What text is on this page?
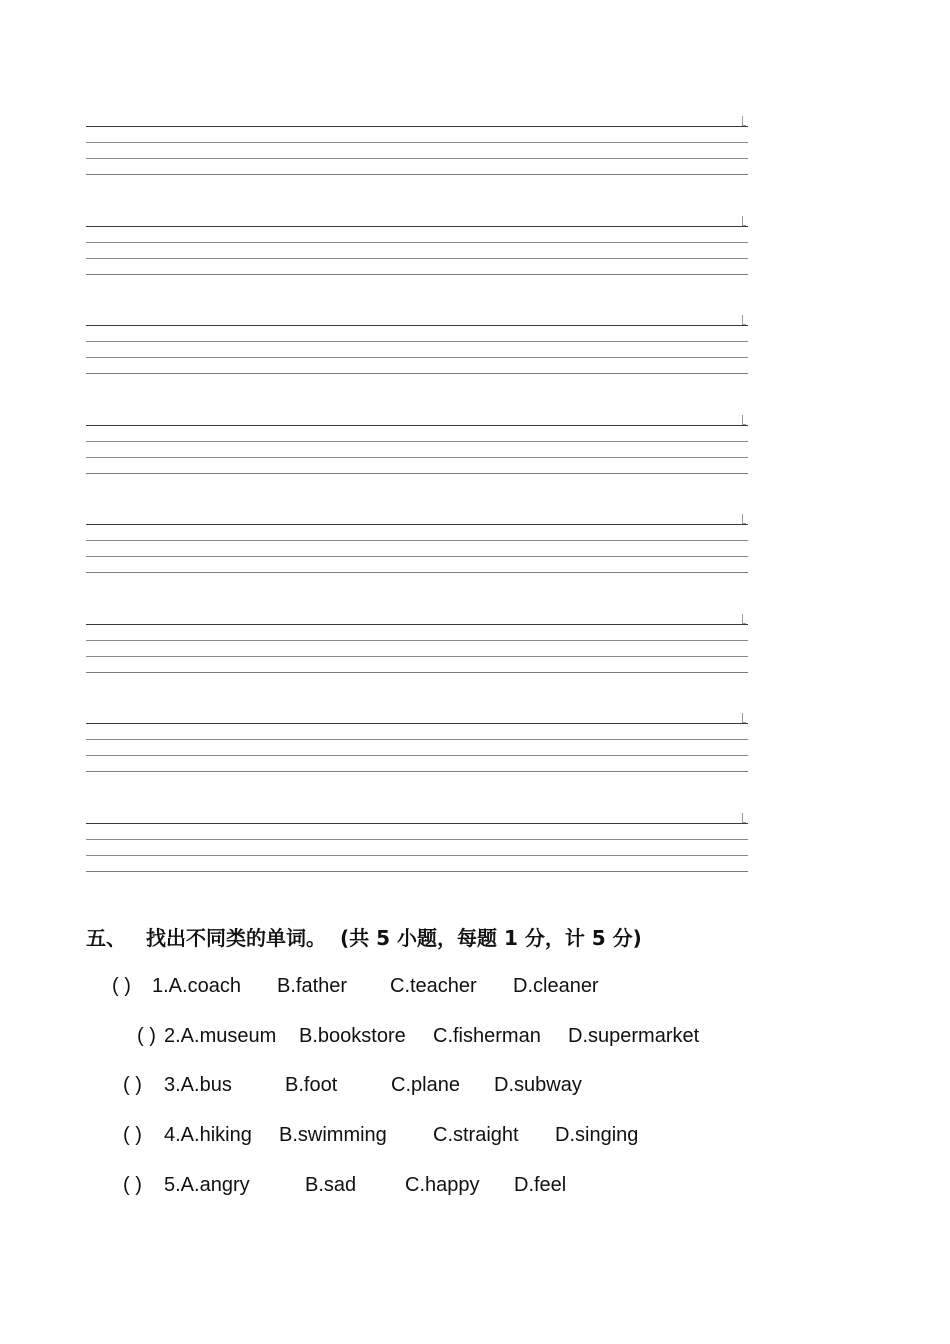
五、 找出不同类的单词。 (共 5 小题，每题 1 分，计 5 分)
( ) 1.A.coach B.father C.teacher D.cleaner
( ) 2.A.museum B.bookstore C.fisherman D.supermarket
( ) 3.A.bus	B.foot	C.plane D.subway
( ) 4.A.hiking B.swimming C.straight D.singing
( ) 5.A.angry	B.sad C.happy D.feel
